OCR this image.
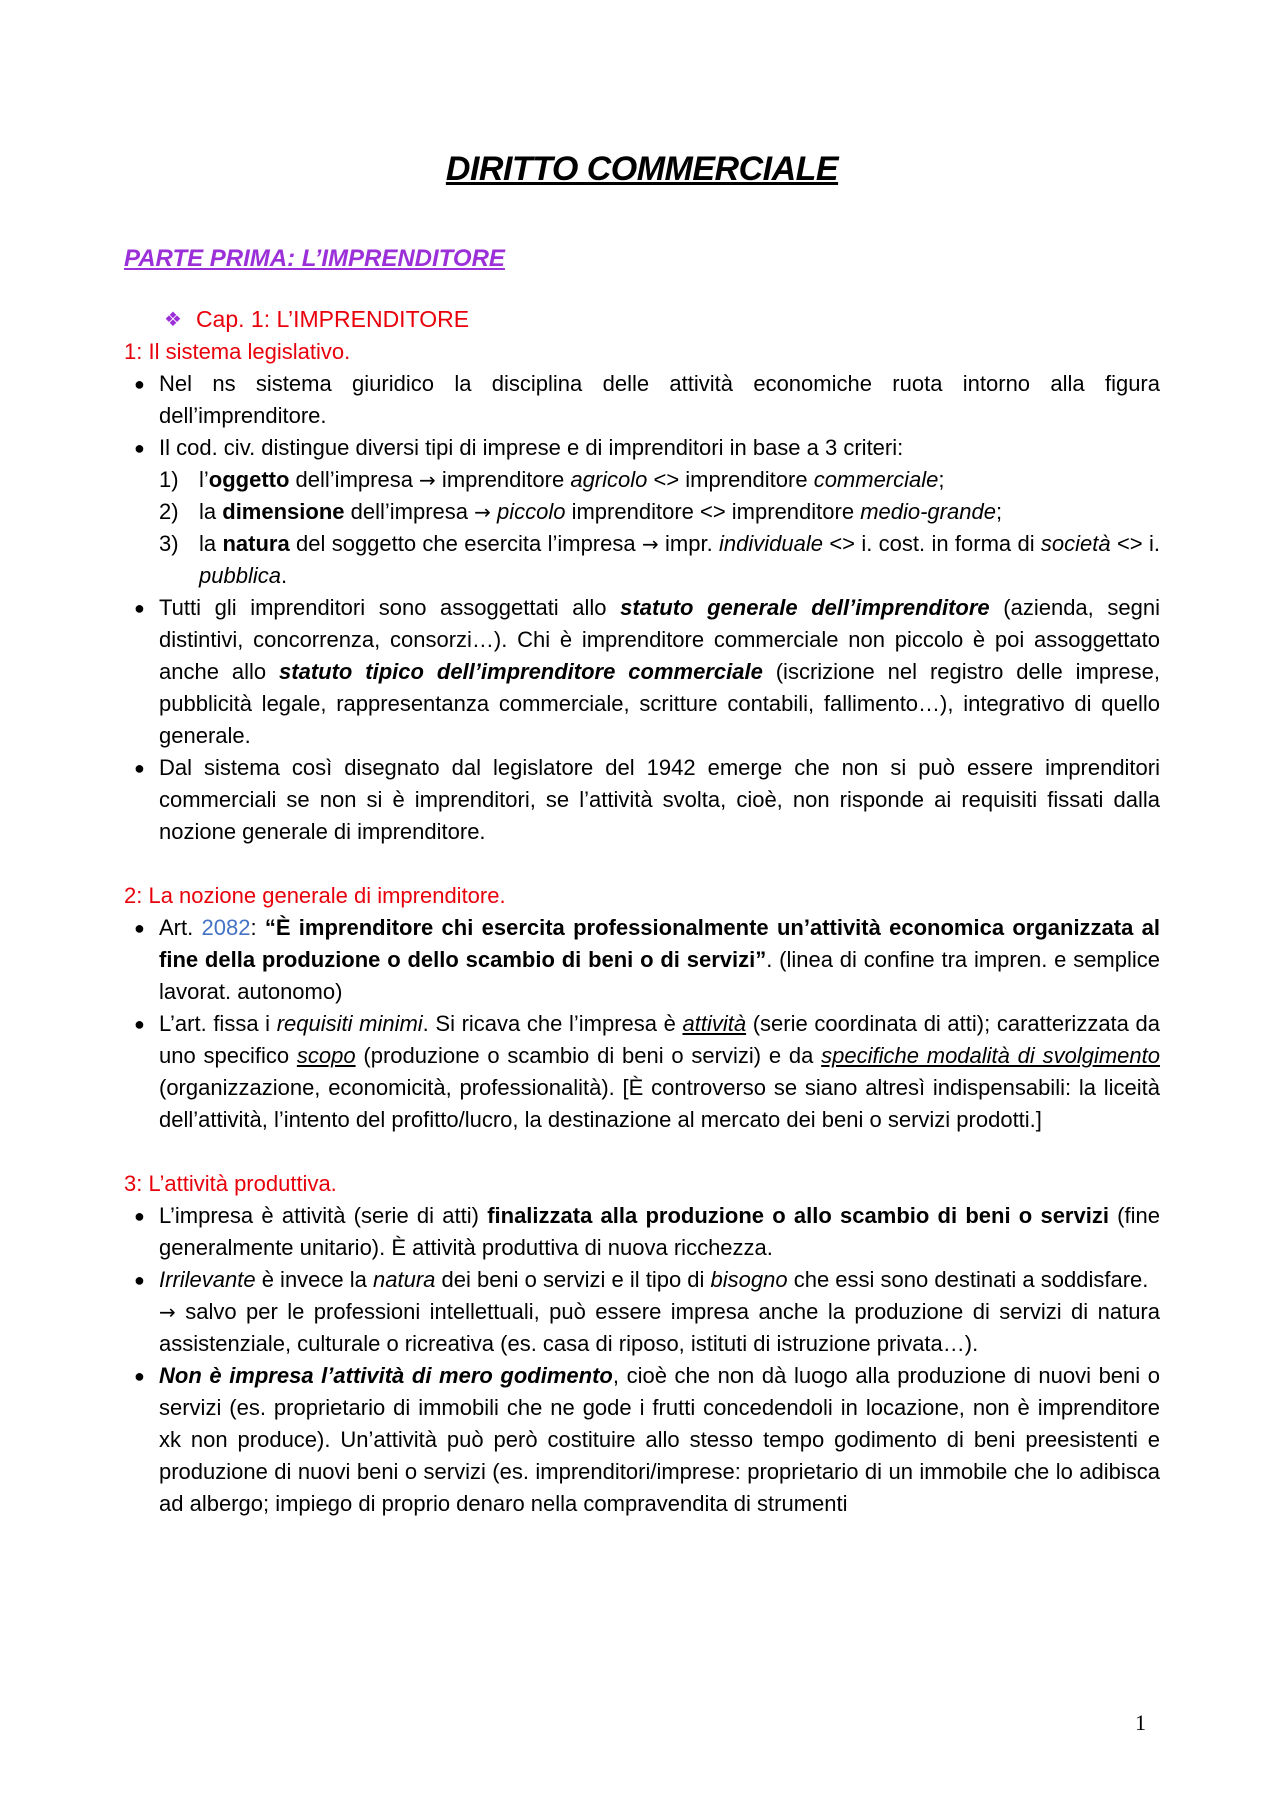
DIRITTO COMMERCIALE
PARTE PRIMA: L’IMPRENDITORE
❖ Cap. 1: L’IMPRENDITORE
1: Il sistema legislativo.
● Nel ns sistema giuridico la disciplina delle attività economiche ruota intorno alla figura dell’imprenditore.
● Il cod. civ. distingue diversi tipi di imprese e di imprenditori in base a 3 criteri:
1) l’oggetto dell’impresa → imprenditore agricolo <> imprenditore commerciale;
2) la dimensione dell’impresa → piccolo imprenditore <> imprenditore medio-grande;
3) la natura del soggetto che esercita l’impresa → impr. individuale <> i. cost. in forma di società <> i. pubblica.
● Tutti gli imprenditori sono assoggettati allo statuto generale dell’imprenditore (azienda, segni distintivi, concorrenza, consorzi…). Chi è imprenditore commerciale non piccolo è poi assoggettato anche allo statuto tipico dell’imprenditore commerciale (iscrizione nel registro delle imprese, pubblicità legale, rappresentanza commerciale, scritture contabili, fallimento…), integrativo di quello generale.
● Dal sistema così disegnato dal legislatore del 1942 emerge che non si può essere imprenditori commerciali se non si è imprenditori, se l’attività svolta, cioè, non risponde ai requisiti fissati dalla nozione generale di imprenditore.
2: La nozione generale di imprenditore.
● Art. 2082: “È imprenditore chi esercita professionalmente un’attività economica organizzata al fine della produzione o dello scambio di beni o di servizi”. (linea di confine tra impren. e semplice lavorat. autonomo)
● L’art. fissa i requisiti minimi. Si ricava che l’impresa è attività (serie coordinata di atti); caratterizzata da uno specifico scopo (produzione o scambio di beni o servizi) e da specifiche modalità di svolgimento (organizzazione, economicità, professionalità). [È controverso se siano altresì indispensabili: la liceità dell’attività, l’intento del profitto/lucro, la destinazione al mercato dei beni o servizi prodotti.]
3: L’attività produttiva.
● L’impresa è attività (serie di atti) finalizzata alla produzione o allo scambio di beni o servizi (fine generalmente unitario). È attività produttiva di nuova ricchezza.
● Irrilevante è invece la natura dei beni o servizi e il tipo di bisogno che essi sono destinati a soddisfare.
→ salvo per le professioni intellettuali, può essere impresa anche la produzione di servizi di natura assistenziale, culturale o ricreativa (es. casa di riposo, istituti di istruzione privata…).
● Non è impresa l’attività di mero godimento, cioè che non dà luogo alla produzione di nuovi beni o servizi (es. proprietario di immobili che ne gode i frutti concedendoli in locazione, non è imprenditore xk non produce). Un’attività può però costituire allo stesso tempo godimento di beni preesistenti e produzione di nuovi beni o servizi (es. imprenditori/imprese: proprietario di un immobile che lo adibisca ad albergo; impiego di proprio denaro nella compravendita di strumenti
1
